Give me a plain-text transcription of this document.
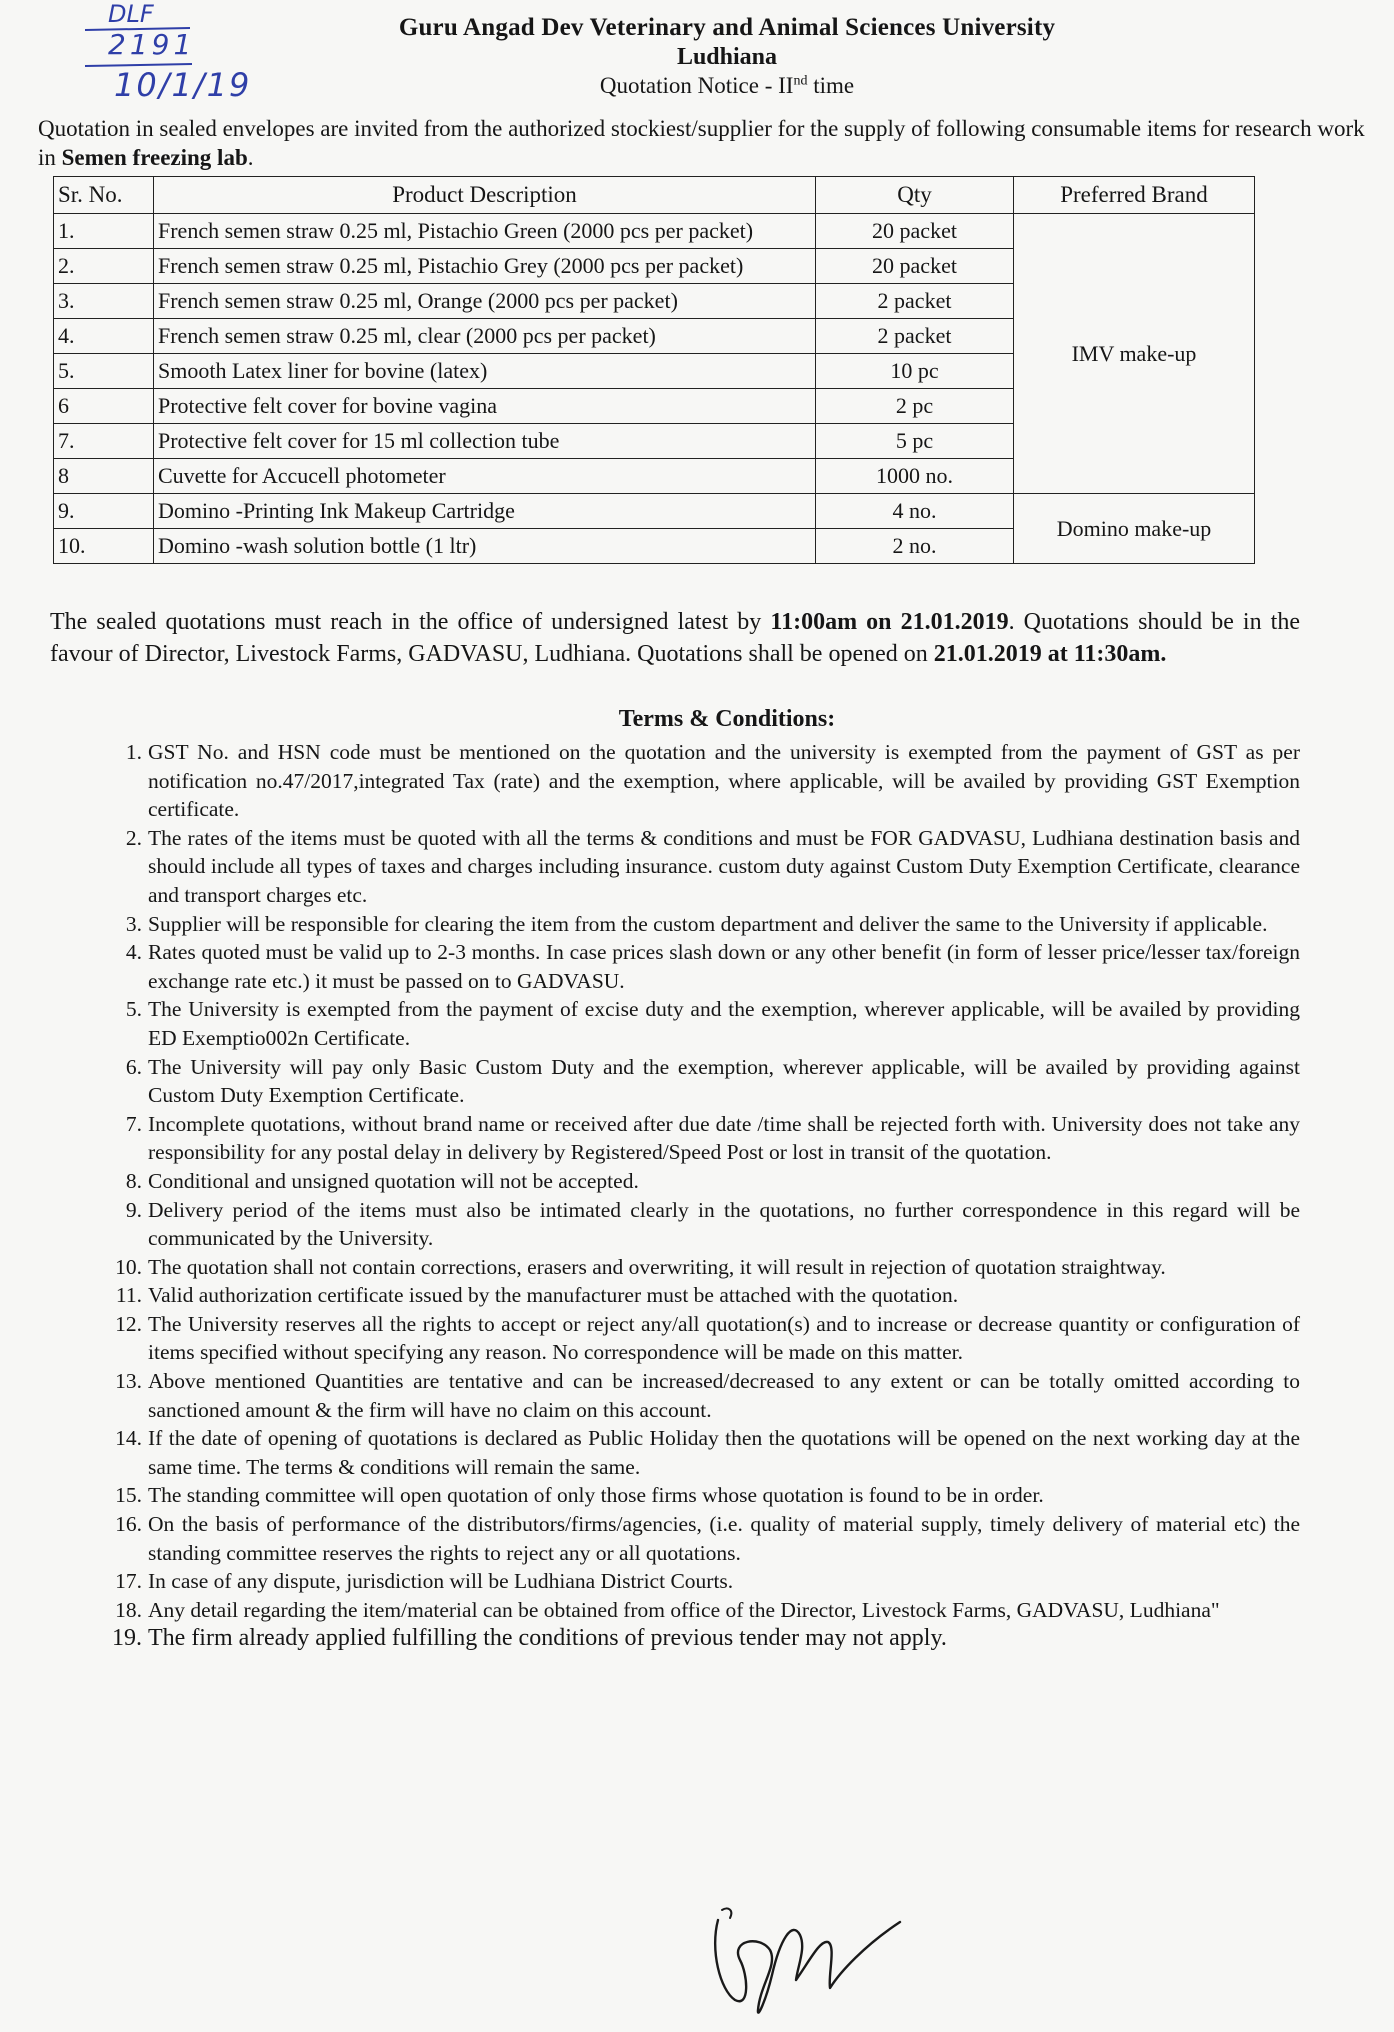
DLF
2191
10/1/19
Guru Angad Dev Veterinary and Animal Sciences University
Ludhiana
Quotation Notice - IInd time
Quotation in sealed envelopes are invited from the authorized stockiest/supplier for the supply of following consumable items for research work in Semen freezing lab.
Sr. No.	Product Description	Qty	Preferred Brand
1.	French semen straw 0.25 ml, Pistachio Green (2000 pcs per packet)	20 packet	IMV make-up
2.	French semen straw 0.25 ml, Pistachio Grey (2000 pcs per packet)	20 packet	
3.	French semen straw 0.25 ml, Orange (2000 pcs per packet)	2 packet	
4.	French semen straw 0.25 ml, clear (2000 pcs per packet)	2 packet	
5.	Smooth Latex liner for bovine (latex)	10 pc	
6	Protective felt cover for bovine vagina	2 pc	
7.	Protective felt cover for 15 ml collection tube	5 pc	
8	Cuvette for Accucell photometer	1000 no.	
9.	Domino -Printing Ink Makeup Cartridge	4 no.	Domino make-up
10.	Domino -wash solution bottle (1 ltr)	2 no.	
The sealed quotations must reach in the office of undersigned latest by 11:00am on 21.01.2019. Quotations should be in the favour of Director, Livestock Farms, GADVASU, Ludhiana. Quotations shall be opened on 21.01.2019 at 11:30am.
Terms & Conditions:
1. GST No. and HSN code must be mentioned on the quotation and the university is exempted from the payment of GST as per notification no.47/2017,integrated Tax (rate) and the exemption, where applicable, will be availed by providing GST Exemption certificate.
2. The rates of the items must be quoted with all the terms & conditions and must be FOR GADVASU, Ludhiana destination basis and should include all types of taxes and charges including insurance. custom duty against Custom Duty Exemption Certificate, clearance and transport charges etc.
3. Supplier will be responsible for clearing the item from the custom department and deliver the same to the University if applicable.
4. Rates quoted must be valid up to 2-3 months. In case prices slash down or any other benefit (in form of lesser price/lesser tax/foreign exchange rate etc.) it must be passed on to GADVASU.
5. The University is exempted from the payment of excise duty and the exemption, wherever applicable, will be availed by providing ED Exemptio002n Certificate.
6. The University will pay only Basic Custom Duty and the exemption, wherever applicable, will be availed by providing against Custom Duty Exemption Certificate.
7. Incomplete quotations, without brand name or received after due date /time shall be rejected forth with. University does not take any responsibility for any postal delay in delivery by Registered/Speed Post or lost in transit of the quotation.
8. Conditional and unsigned quotation will not be accepted.
9. Delivery period of the items must also be intimated clearly in the quotations, no further correspondence in this regard will be communicated by the University.
10. The quotation shall not contain corrections, erasers and overwriting, it will result in rejection of quotation straightway.
11. Valid authorization certificate issued by the manufacturer must be attached with the quotation.
12. The University reserves all the rights to accept or reject any/all quotation(s) and to increase or decrease quantity or configuration of items specified without specifying any reason. No correspondence will be made on this matter.
13. Above mentioned Quantities are tentative and can be increased/decreased to any extent or can be totally omitted according to sanctioned amount & the firm will have no claim on this account.
14. If the date of opening of quotations is declared as Public Holiday then the quotations will be opened on the next working day at the same time. The terms & conditions will remain the same.
15. The standing committee will open quotation of only those firms whose quotation is found to be in order.
16. On the basis of performance of the distributors/firms/agencies, (i.e. quality of material supply, timely delivery of material etc) the standing committee reserves the rights to reject any or all quotations.
17. In case of any dispute, jurisdiction will be Ludhiana District Courts.
18. Any detail regarding the item/material can be obtained from office of the Director, Livestock Farms, GADVASU, Ludhiana"
19. The firm already applied fulfilling the conditions of previous tender may not apply.
